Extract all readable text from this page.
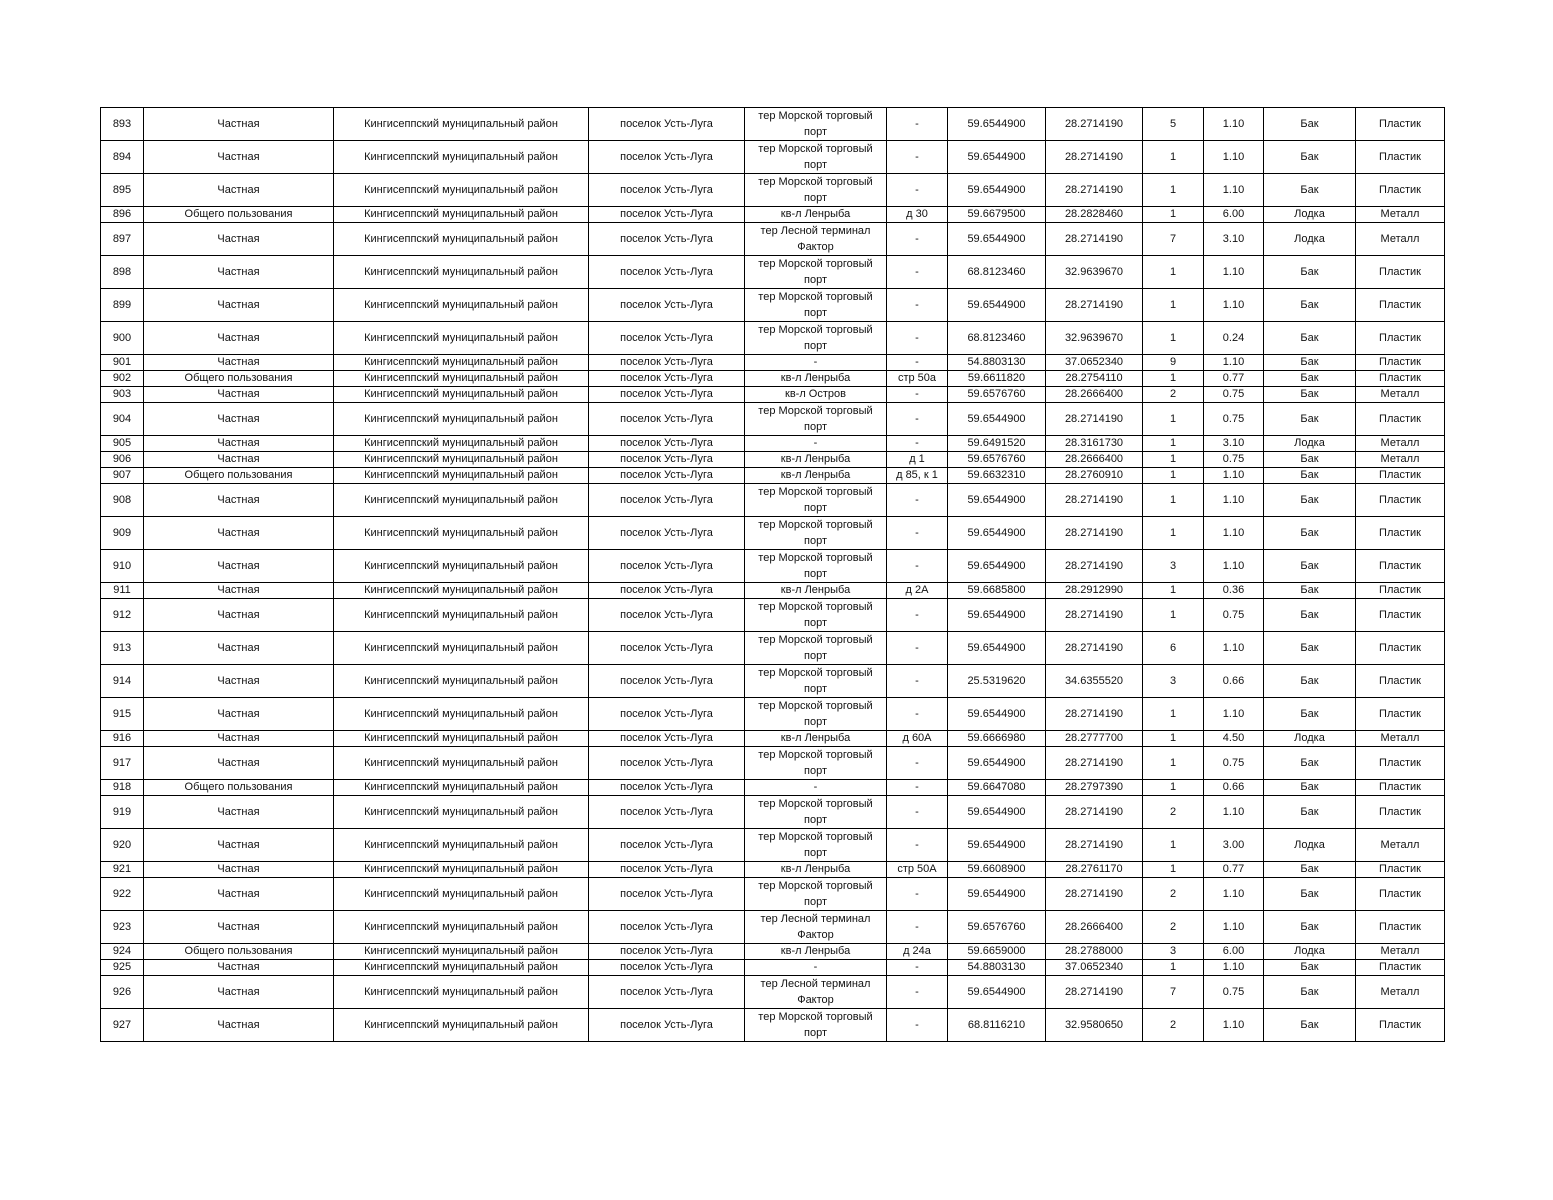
893	Частная	Кингисеппский муниципальный район	поселок Усть-Луга	тер Морской торговый порт	-	59.6544900	28.2714190	5	1.10	Бак	Пластик
894	Частная	Кингисеппский муниципальный район	поселок Усть-Луга	тер Морской торговый порт	-	59.6544900	28.2714190	1	1.10	Бак	Пластик
895	Частная	Кингисеппский муниципальный район	поселок Усть-Луга	тер Морской торговый порт	-	59.6544900	28.2714190	1	1.10	Бак	Пластик
896	Общего пользования	Кингисеппский муниципальный район	поселок Усть-Луга	кв-л Ленрыба	д 30	59.6679500	28.2828460	1	6.00	Лодка	Металл
897	Частная	Кингисеппский муниципальный район	поселок Усть-Луга	тер Лесной терминал Фактор	-	59.6544900	28.2714190	7	3.10	Лодка	Металл
898	Частная	Кингисеппский муниципальный район	поселок Усть-Луга	тер Морской торговый порт	-	68.8123460	32.9639670	1	1.10	Бак	Пластик
899	Частная	Кингисеппский муниципальный район	поселок Усть-Луга	тер Морской торговый порт	-	59.6544900	28.2714190	1	1.10	Бак	Пластик
900	Частная	Кингисеппский муниципальный район	поселок Усть-Луга	тер Морской торговый порт	-	68.8123460	32.9639670	1	0.24	Бак	Пластик
901	Частная	Кингисеппский муниципальный район	поселок Усть-Луга	-	-	54.8803130	37.0652340	9	1.10	Бак	Пластик
902	Общего пользования	Кингисеппский муниципальный район	поселок Усть-Луга	кв-л Ленрыба	стр 50а	59.6611820	28.2754110	1	0.77	Бак	Пластик
903	Частная	Кингисеппский муниципальный район	поселок Усть-Луга	кв-л Остров	-	59.6576760	28.2666400	2	0.75	Бак	Металл
904	Частная	Кингисеппский муниципальный район	поселок Усть-Луга	тер Морской торговый порт	-	59.6544900	28.2714190	1	0.75	Бак	Пластик
905	Частная	Кингисеппский муниципальный район	поселок Усть-Луга	-	-	59.6491520	28.3161730	1	3.10	Лодка	Металл
906	Частная	Кингисеппский муниципальный район	поселок Усть-Луга	кв-л Ленрыба	д 1	59.6576760	28.2666400	1	0.75	Бак	Металл
907	Общего пользования	Кингисеппский муниципальный район	поселок Усть-Луга	кв-л Ленрыба	д 85, к 1	59.6632310	28.2760910	1	1.10	Бак	Пластик
908	Частная	Кингисеппский муниципальный район	поселок Усть-Луга	тер Морской торговый порт	-	59.6544900	28.2714190	1	1.10	Бак	Пластик
909	Частная	Кингисеппский муниципальный район	поселок Усть-Луга	тер Морской торговый порт	-	59.6544900	28.2714190	1	1.10	Бак	Пластик
910	Частная	Кингисеппский муниципальный район	поселок Усть-Луга	тер Морской торговый порт	-	59.6544900	28.2714190	3	1.10	Бак	Пластик
911	Частная	Кингисеппский муниципальный район	поселок Усть-Луга	кв-л Ленрыба	д 2А	59.6685800	28.2912990	1	0.36	Бак	Пластик
912	Частная	Кингисеппский муниципальный район	поселок Усть-Луга	тер Морской торговый порт	-	59.6544900	28.2714190	1	0.75	Бак	Пластик
913	Частная	Кингисеппский муниципальный район	поселок Усть-Луга	тер Морской торговый порт	-	59.6544900	28.2714190	6	1.10	Бак	Пластик
914	Частная	Кингисеппский муниципальный район	поселок Усть-Луга	тер Морской торговый порт	-	25.5319620	34.6355520	3	0.66	Бак	Пластик
915	Частная	Кингисеппский муниципальный район	поселок Усть-Луга	тер Морской торговый порт	-	59.6544900	28.2714190	1	1.10	Бак	Пластик
916	Частная	Кингисеппский муниципальный район	поселок Усть-Луга	кв-л Ленрыба	д 60А	59.6666980	28.2777700	1	4.50	Лодка	Металл
917	Частная	Кингисеппский муниципальный район	поселок Усть-Луга	тер Морской торговый порт	-	59.6544900	28.2714190	1	0.75	Бак	Пластик
918	Общего пользования	Кингисеппский муниципальный район	поселок Усть-Луга	-	-	59.6647080	28.2797390	1	0.66	Бак	Пластик
919	Частная	Кингисеппский муниципальный район	поселок Усть-Луга	тер Морской торговый порт	-	59.6544900	28.2714190	2	1.10	Бак	Пластик
920	Частная	Кингисеппский муниципальный район	поселок Усть-Луга	тер Морской торговый порт	-	59.6544900	28.2714190	1	3.00	Лодка	Металл
921	Частная	Кингисеппский муниципальный район	поселок Усть-Луга	кв-л Ленрыба	стр 50А	59.6608900	28.2761170	1	0.77	Бак	Пластик
922	Частная	Кингисеппский муниципальный район	поселок Усть-Луга	тер Морской торговый порт	-	59.6544900	28.2714190	2	1.10	Бак	Пластик
923	Частная	Кингисеппский муниципальный район	поселок Усть-Луга	тер Лесной терминал Фактор	-	59.6576760	28.2666400	2	1.10	Бак	Пластик
924	Общего пользования	Кингисеппский муниципальный район	поселок Усть-Луга	кв-л Ленрыба	д 24а	59.6659000	28.2788000	3	6.00	Лодка	Металл
925	Частная	Кингисеппский муниципальный район	поселок Усть-Луга	-	-	54.8803130	37.0652340	1	1.10	Бак	Пластик
926	Частная	Кингисеппский муниципальный район	поселок Усть-Луга	тер Лесной терминал Фактор	-	59.6544900	28.2714190	7	0.75	Бак	Металл
927	Частная	Кингисеппский муниципальный район	поселок Усть-Луга	тер Морской торговый порт	-	68.8116210	32.9580650	2	1.10	Бак	Пластик
